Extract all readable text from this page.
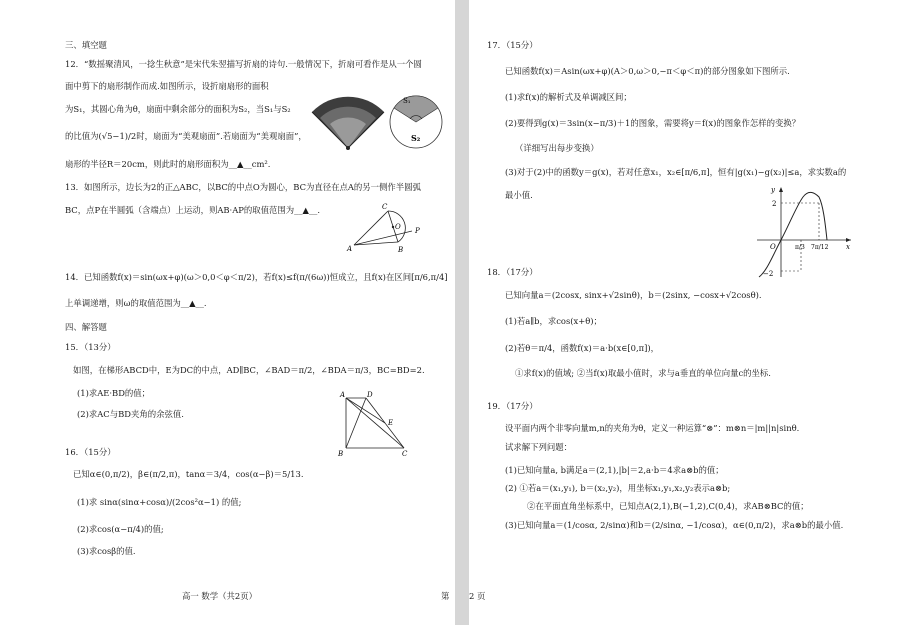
三、填空题
12．“数摇聚清风，一捻生秋意”是宋代朱翌描写折扇的诗句.一般情况下，折扇可看作是从一个圆
面中剪下的扇形制作而成.如图所示，设折扇扇形的面积
为S₁，其圆心角为θ，扇面中剩余部分的面积为S₂，当S₁与S₂
的比值为(√5−1)/2时，扇面为“美观扇面”.若扇面为“美观扇面”，
扇形的半径R＝20cm，则此时的扇形面积为__▲__cm².
S₁
S₂
13．如图所示，边长为2的正△ABC，以BC的中点O为圆心，BC为直径在点A的另一侧作半圆弧
BC，点P在半圆弧（含端点）上运动，则AB·AP的取值范围为__▲__.	C
O P
A	B
14．已知函数f(x)＝sin(ωx+φ)(ω＞0,0＜φ＜π/2)，若f(x)≤f(π/(6ω))恒成立，且f(x)在区间[π/6,π/4]
上单调递增，则ω的取值范围为__▲__.
四、解答题
15．（13分）
如图，在梯形ABCD中，E为DC的中点，AD∥BC，∠BAD＝π/2，∠BDA＝π/3，BC=BD=2.
(1)求AE·BD的值；
(2)求AC与BD夹角的余弦值.
A	D
E
B	C
16．（15分）
已知α∈(0,π/2)，β∈(π/2,π)，tanα＝3/4，cos(α−β)＝5/13.
(1)求 sinα(sinα+cosα)/(2cos²α−1) 的值;
(2)求cos(α−π/4)的值;
(3)求cosβ的值.
高一 数学（共2页）	第 2 页
17．（15分）
已知函数f(x)＝Asin(ωx+φ)(A＞0,ω＞0,−π＜φ＜π)的部分图象如下图所示.
(1)求f(x)的解析式及单调减区间；
(2)要得到g(x)＝3sin(x−π/3)＋1的图象，需要将y＝f(x)的图象作怎样的变换？
（详细写出每步变换）
(3)对于(2)中的函数y＝g(x)，若对任意x₁，x₂∈[π/6,π]，恒有|g(x₁)−g(x₂)|≤a，求实数a的
最小值.	y
2
O
−2
π/3 7π/12	x
18．（17分）
已知向量a＝(2cosx, sinx+√2sinθ)，b＝(2sinx, −cosx+√2cosθ).
(1)若a∥b，求cos(x+θ)；
(2)若θ＝π/4，函数f(x)＝a·b(x∈[0,π])，
①求f(x)的值域; ②当f(x)取最小值时，求与a垂直的单位向量c的坐标.
19．（17分）
设平面内两个非零向量m,n的夹角为θ，定义一种运算“⊗”：m⊗n＝|m||n|sinθ.
试求解下列问题：
(1)已知向量a, b满足a＝(2,1),|b|＝2,a·b＝4求a⊗b的值；
(2) ①若a＝(x₁,y₁), b＝(x₂,y₂)，用坐标x₁,y₁,x₂,y₂表示a⊗b;
②在平面直角坐标系中，已知点A(2,1),B(−1,2),C(0,4)，求AB⊗BC的值；
(3)已知向量a＝(1/cosα, 2/sinα)和b＝(2/sinα, −1/cosα)，α∈(0,π/2)，求a⊗b的最小值.
